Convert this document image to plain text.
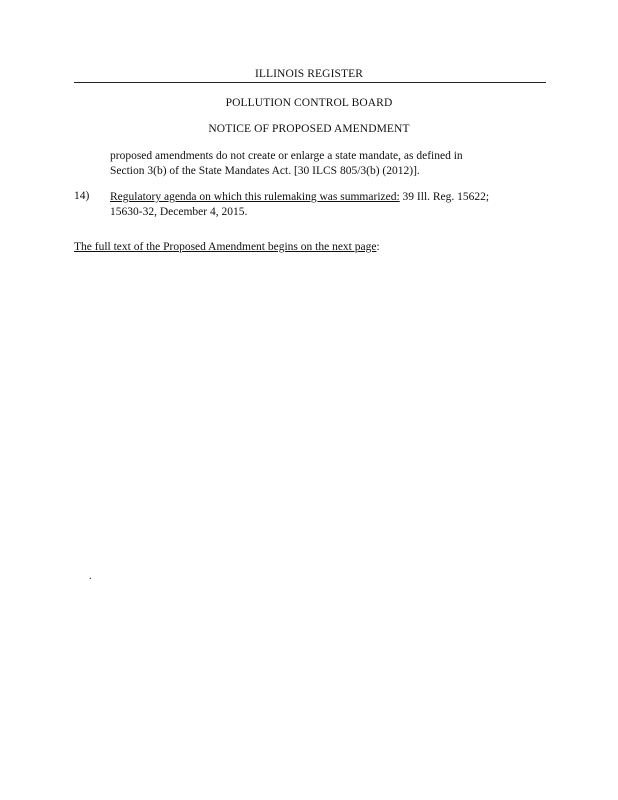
ILLINOIS REGISTER
POLLUTION CONTROL BOARD
NOTICE OF PROPOSED AMENDMENT
proposed amendments do not create or enlarge a state mandate, as defined in
Section 3(b) of the State Mandates Act. [30 ILCS 805/3(b) (2012)].
14) Regulatory agenda on which this rulemaking was summarized: 39 Ill. Reg. 15622;
15630-32, December 4, 2015.
The full text of the Proposed Amendment begins on the next page:
.
